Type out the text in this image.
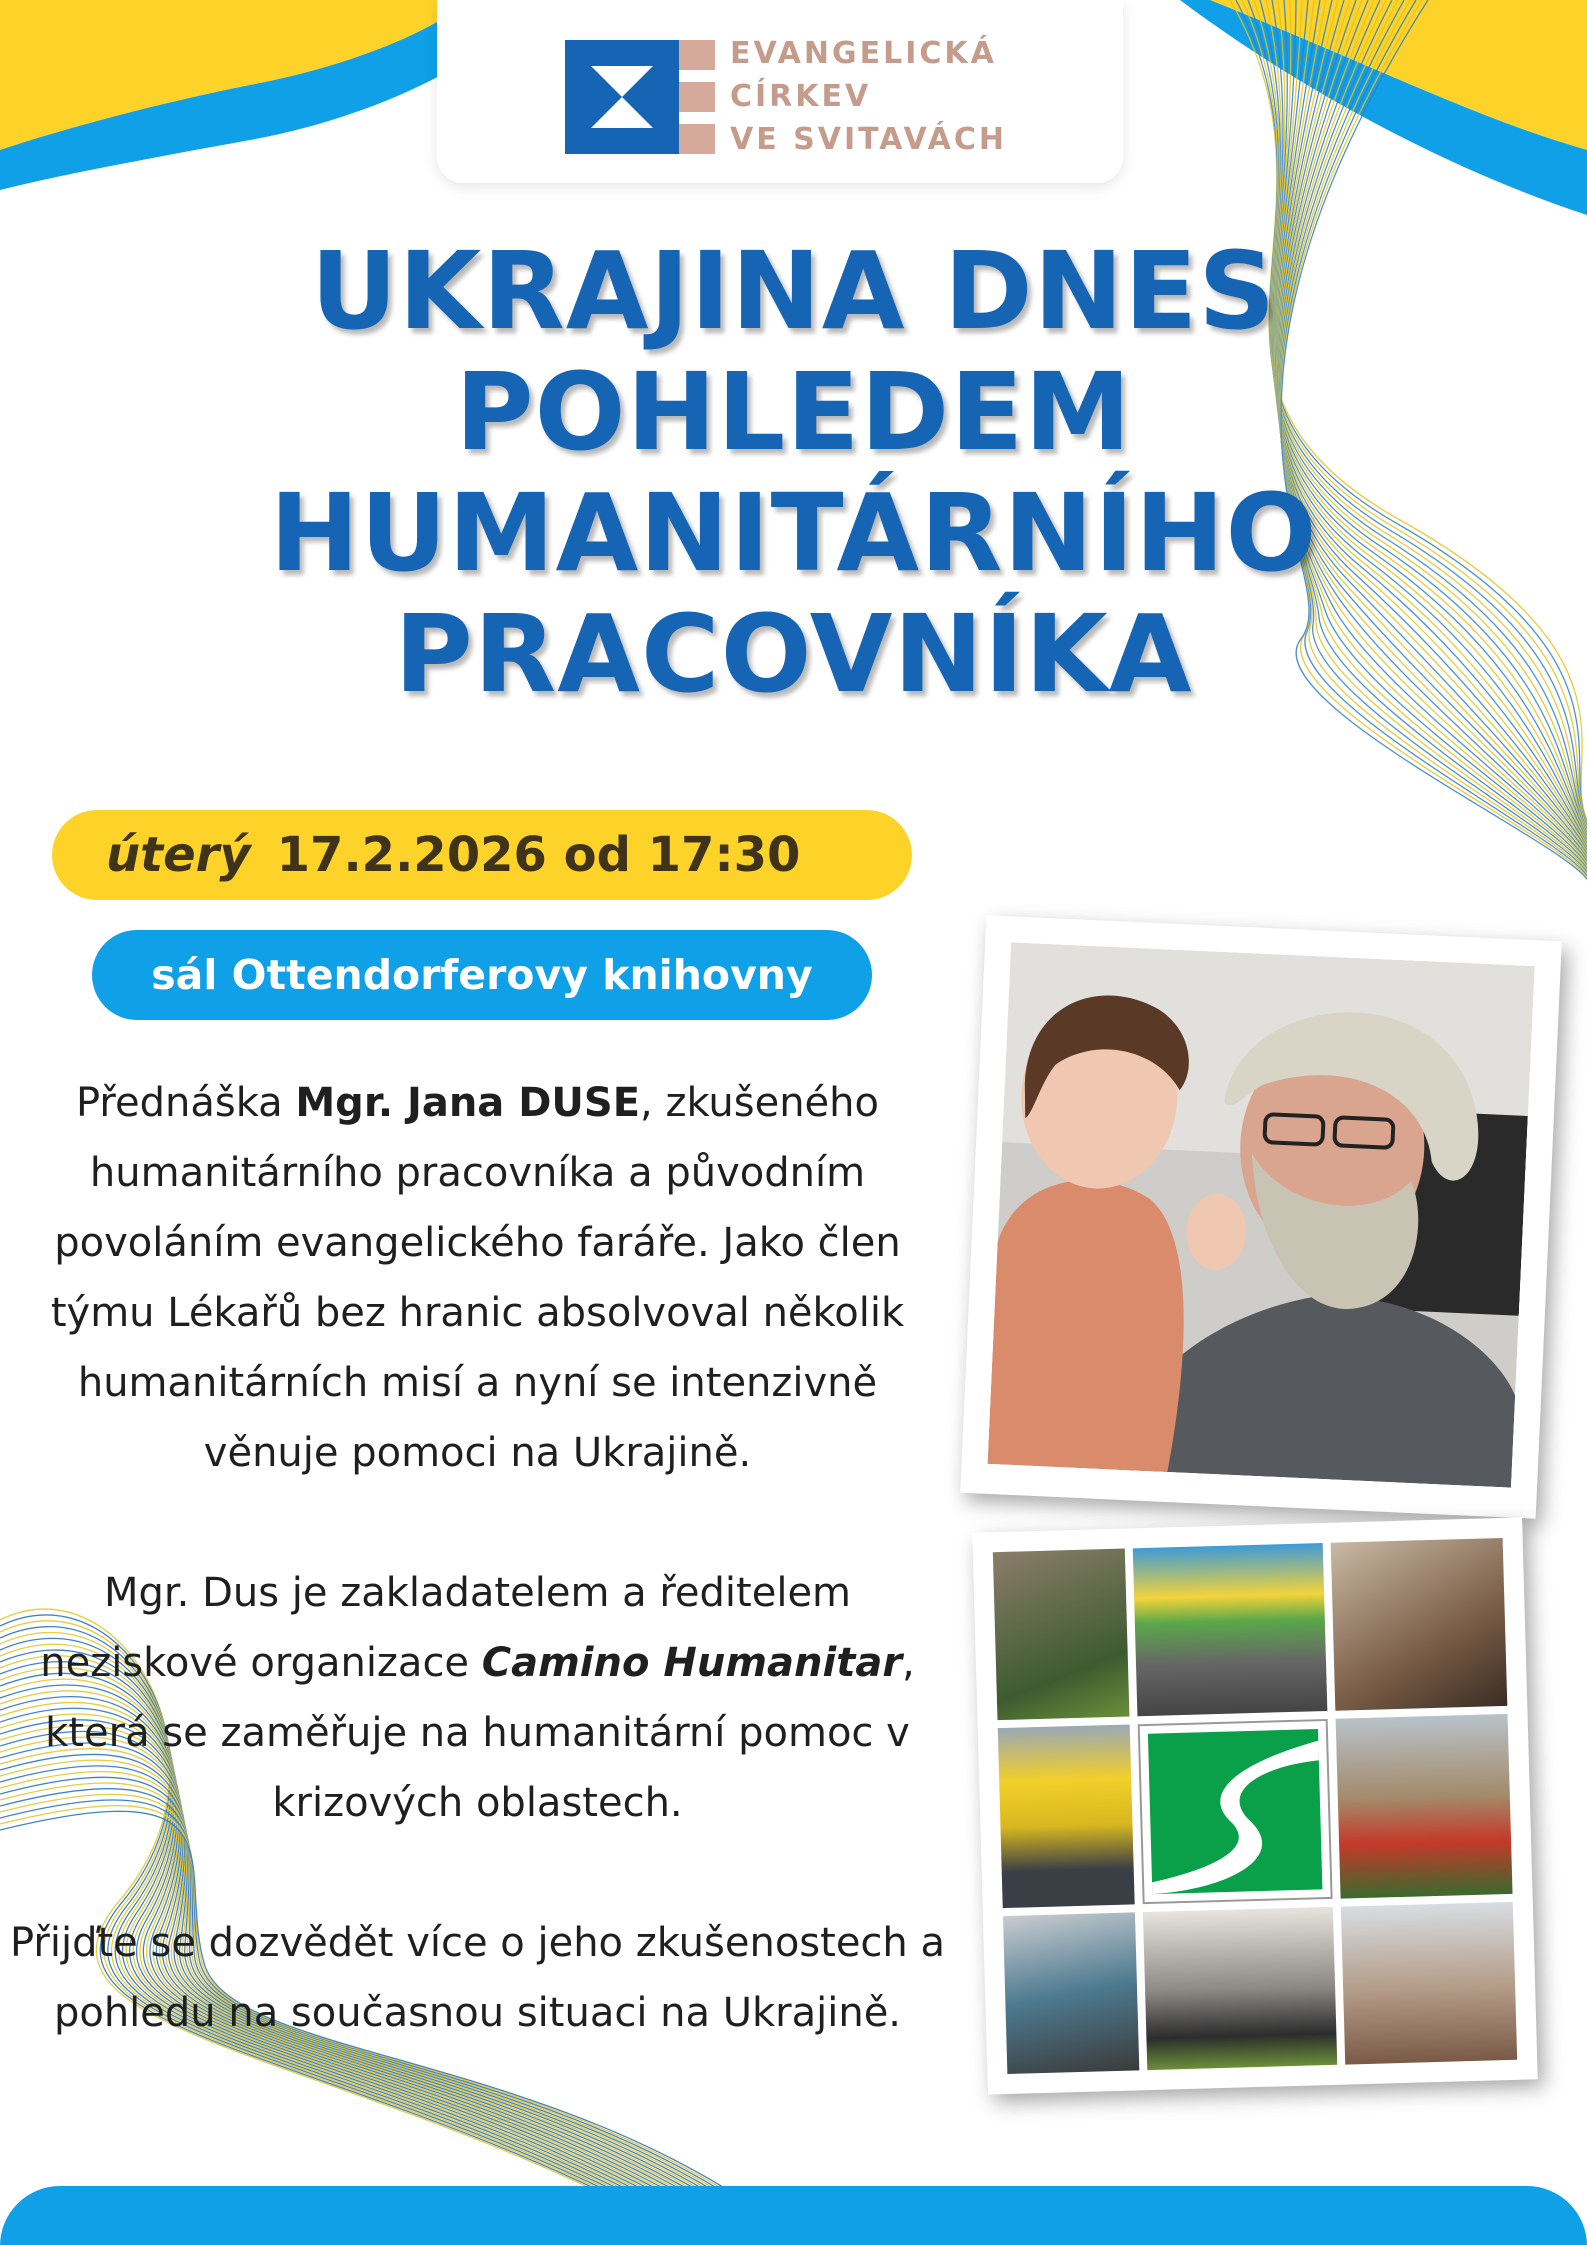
EVANGELICKÁ
CÍRKEV
VE SVITAVÁCH
UKRAJINA DNES
POHLEDEM
HUMANITÁRNÍHO
PRACOVNÍKA
úterý 17.2.2026 od 17:30
sál Ottendorferovy knihovny

Přednáška Mgr. Jana DUSE, zkušeného humanitárního pracovníka a původním povoláním evangelického faráře. Jako člen týmu Lékařů bez hranic absolvoval několik humanitárních misí a nyní se intenzivně věnuje pomoci na Ukrajině.

Mgr. Dus je zakladatelem a ředitelem neziskové organizace Camino Humanitar, která se zaměřuje na humanitární pomoc v krizových oblastech.

Přijďte se dozvědět více o jeho zkušenostech a pohledu na současnou situaci na Ukrajině.
